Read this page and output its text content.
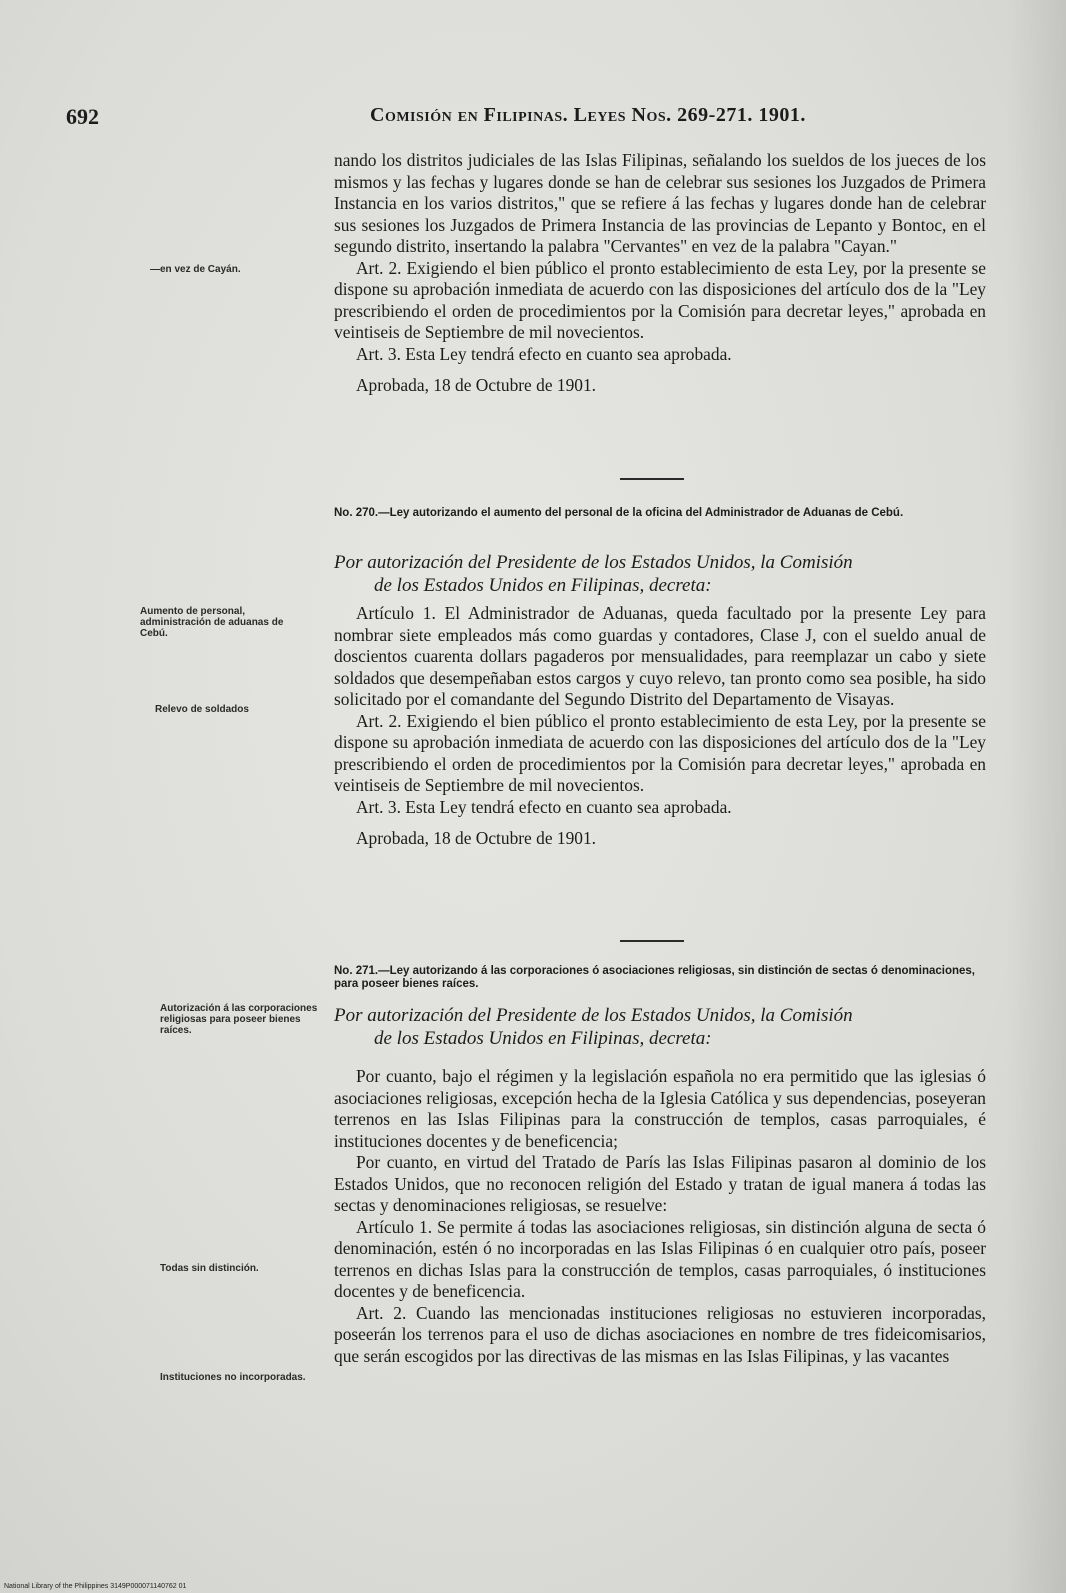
692	Comisión en Filipinas. Leyes Nos. 269-271. 1901.

nando los distritos judiciales de las Islas Filipinas, señalando los sueldos de los jueces de los mismos y las fechas y lugares donde se han de celebrar sus sesiones los Juzgados de Primera Instancia en los varios distritos," que se refiere á las fechas y lugares donde han de celebrar sus sesiones los Juzgados de Primera Instancia de las provincias de Lepanto y Bontoc, en el segundo distrito, insertando la palabra "Cervantes" en vez de la palabra "Cayan."

Art. 2. Exigiendo el bien público el pronto establecimiento de esta Ley, por la presente se dispone su aprobación inmediata de acuerdo con las disposiciones del artículo dos de la "Ley prescribiendo el orden de procedimientos por la Comisión para decretar leyes," aprobada en veintiseis de Septiembre de mil novecientos.

Art. 3. Esta Ley tendrá efecto en cuanto sea aprobada.

Aprobada, 18 de Octubre de 1901.

—en vez de Cayán.
No. 270.—Ley autorizando el aumento del personal de la oficina del Administrador de Aduanas de Cebú.
Por autorización del Presidente de los Estados Unidos, la Comisión
de los Estados Unidos en Filipinas, decreta:
Aumento de personal, administración de aduanas de Cebú.
Relevo de soldados

Artículo 1. El Administrador de Aduanas, queda facultado por la presente Ley para nombrar siete empleados más como guardas y contadores, Clase J, con el sueldo anual de doscientos cuarenta dollars pagaderos por mensualidades, para reemplazar un cabo y siete soldados que desempeñaban estos cargos y cuyo relevo, tan pronto como sea posible, ha sido solicitado por el comandante del Segundo Distrito del Departamento de Visayas.

Art. 2. Exigiendo el bien público el pronto establecimiento de esta Ley, por la presente se dispone su aprobación inmediata de acuerdo con las disposiciones del artículo dos de la "Ley prescribiendo el orden de procedimientos por la Comisión para decretar leyes," aprobada en veintiseis de Septiembre de mil novecientos.

Art. 3. Esta Ley tendrá efecto en cuanto sea aprobada.

Aprobada, 18 de Octubre de 1901.

No. 271.—Ley autorizando á las corporaciones ó asociaciones religiosas, sin distinción de sectas ó denominaciones, para poseer bienes raíces.
Por autorización del Presidente de los Estados Unidos, la Comisión
de los Estados Unidos en Filipinas, decreta:
Autorización á las corporaciones religiosas para poseer bienes raíces.
Todas sin distinción.
Instituciones no incorporadas.

Por cuanto, bajo el régimen y la legislación española no era permitido que las iglesias ó asociaciones religiosas, excepción hecha de la Iglesia Católica y sus dependencias, poseyeran terrenos en las Islas Filipinas para la construcción de templos, casas parroquiales, é instituciones docentes y de beneficencia;

Por cuanto, en virtud del Tratado de París las Islas Filipinas pasaron al dominio de los Estados Unidos, que no reconocen religión del Estado y tratan de igual manera á todas las sectas y denominaciones religiosas, se resuelve:

Artículo 1. Se permite á todas las asociaciones religiosas, sin distinción alguna de secta ó denominación, estén ó no incorporadas en las Islas Filipinas ó en cualquier otro país, poseer terrenos en dichas Islas para la construcción de templos, casas parroquiales, ó instituciones docentes y de beneficencia.

Art. 2. Cuando las mencionadas instituciones religiosas no estuvieren incorporadas, poseerán los terrenos para el uso de dichas asociaciones en nombre de tres fideicomisarios, que serán escogidos por las directivas de las mismas en las Islas Filipinas, y las vacantes

National Library of the Philippines 3149P000071140762 01
